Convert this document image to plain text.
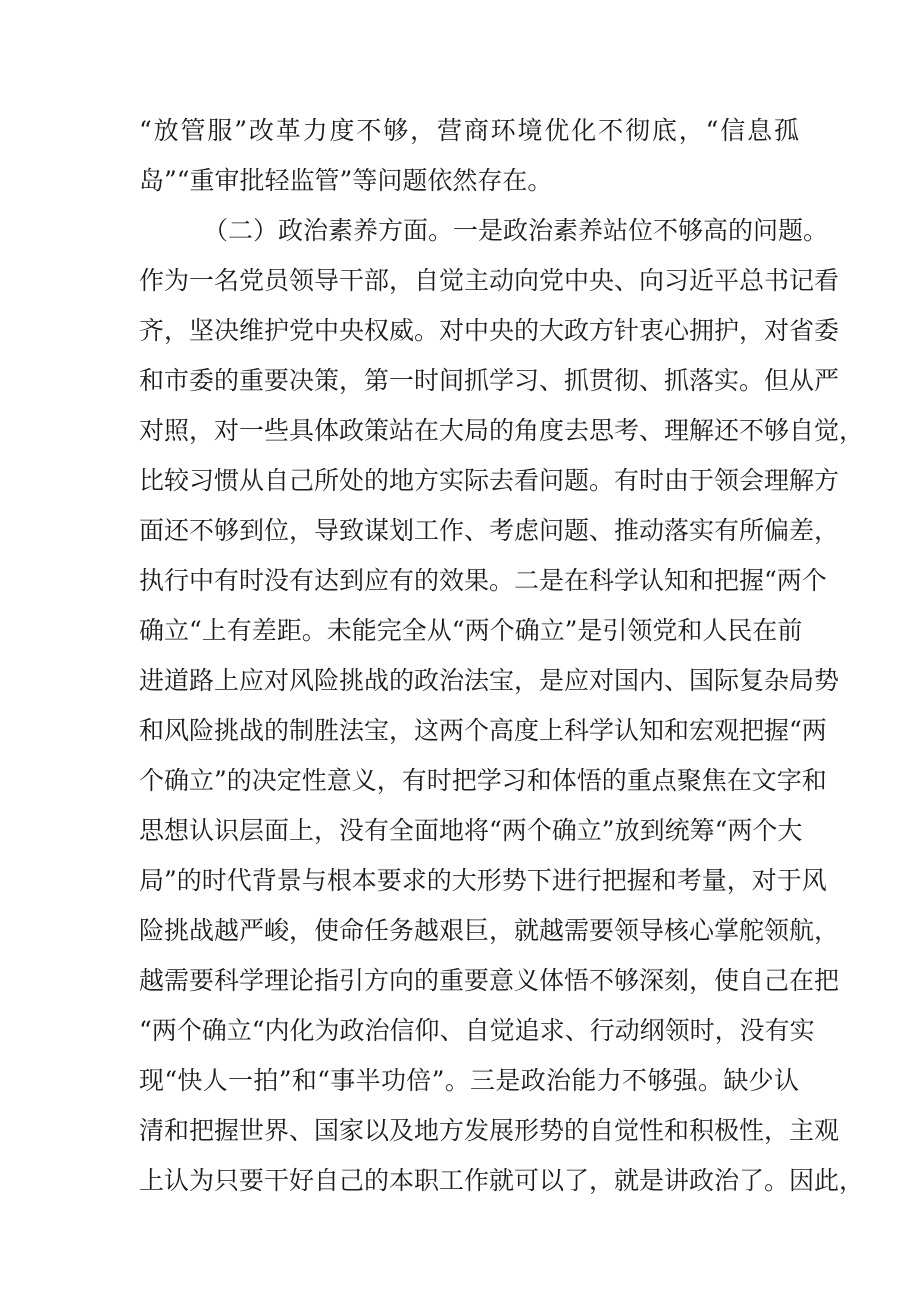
“放管服”改革力度不够，营商环境优化不彻底，“信息孤
岛”“重审批轻监管”等问题依然存在。
（二）政治素养方面。一是政治素养站位不够高的问题。
作为一名党员领导干部，自觉主动向党中央、向习近平总书记看
齐，坚决维护党中央权威。对中央的大政方针衷心拥护，对省委
和市委的重要决策，第一时间抓学习、抓贯彻、抓落实。但从严
对照，对一些具体政策站在大局的角度去思考、理解还不够自觉，
比较习惯从自己所处的地方实际去看问题。有时由于领会理解方
面还不够到位，导致谋划工作、考虑问题、推动落实有所偏差，
执行中有时没有达到应有的效果。二是在科学认知和把握“两个
确立“上有差距。未能完全从“两个确立”是引领党和人民在前
进道路上应对风险挑战的政治法宝，是应对国内、国际复杂局势
和风险挑战的制胜法宝，这两个高度上科学认知和宏观把握“两
个确立”的决定性意义，有时把学习和体悟的重点聚焦在文字和
思想认识层面上，没有全面地将“两个确立”放到统筹“两个大
局”的时代背景与根本要求的大形势下进行把握和考量，对于风
险挑战越严峻，使命任务越艰巨，就越需要领导核心掌舵领航，
越需要科学理论指引方向的重要意义体悟不够深刻，使自己在把
“两个确立“内化为政治信仰、自觉追求、行动纲领时，没有实
现“快人一拍”和“事半功倍”。三是政治能力不够强。缺少认
清和把握世界、国家以及地方发展形势的自觉性和积极性，主观
上认为只要干好自己的本职工作就可以了，就是讲政治了。因此，
